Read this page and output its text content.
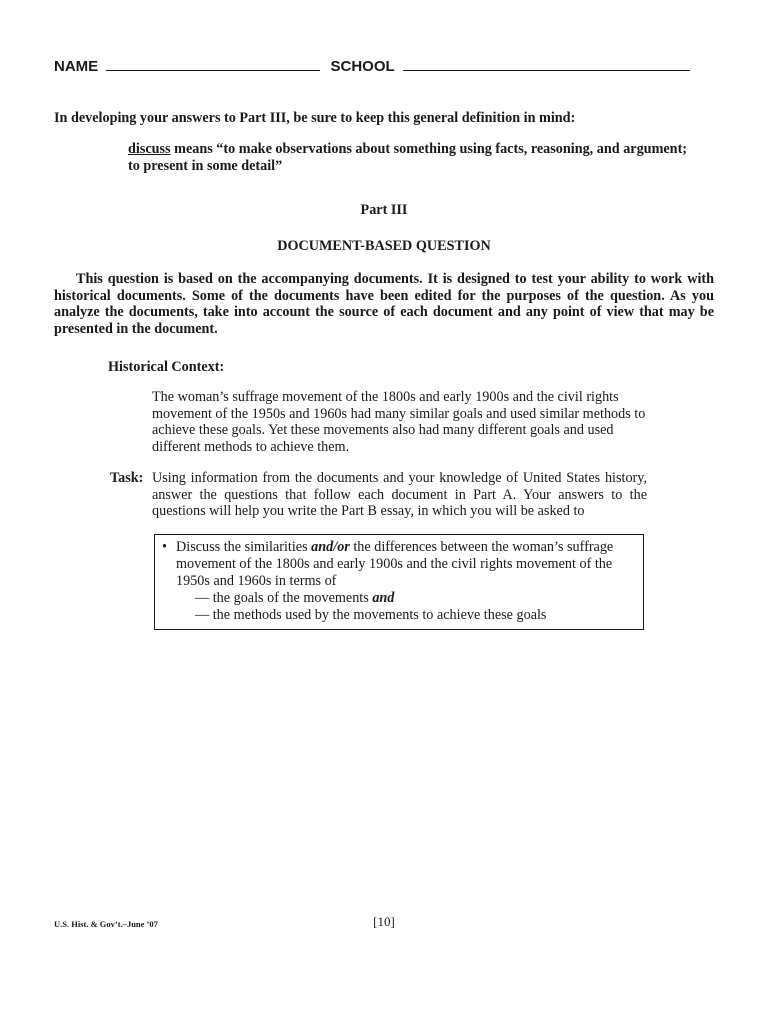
NAME	SCHOOL
In developing your answers to Part III, be sure to keep this general definition in mind:
discuss means “to make observations about something using facts, reasoning, and argument; to present in some detail”
Part III
DOCUMENT-BASED QUESTION
This question is based on the accompanying documents. It is designed to test your ability to work with historical documents. Some of the documents have been edited for the purposes of the question. As you analyze the documents, take into account the source of each document and any point of view that may be presented in the document.
Historical Context:
The woman’s suffrage movement of the 1800s and early 1900s and the civil rights movement of the 1950s and 1960s had many similar goals and used similar methods to achieve these goals. Yet these movements also had many different goals and used different methods to achieve them.
Task: Using information from the documents and your knowledge of United States history, answer the questions that follow each document in Part A. Your answers to the questions will help you write the Part B essay, in which you will be asked to
• Discuss the similarities and/or the differences between the woman’s suffrage movement of the 1800s and early 1900s and the civil rights movement of the 1950s and 1960s in terms of
— the goals of the movements and
— the methods used by the movements to achieve these goals
U.S. Hist. & Gov’t.–June ’07	[10]
